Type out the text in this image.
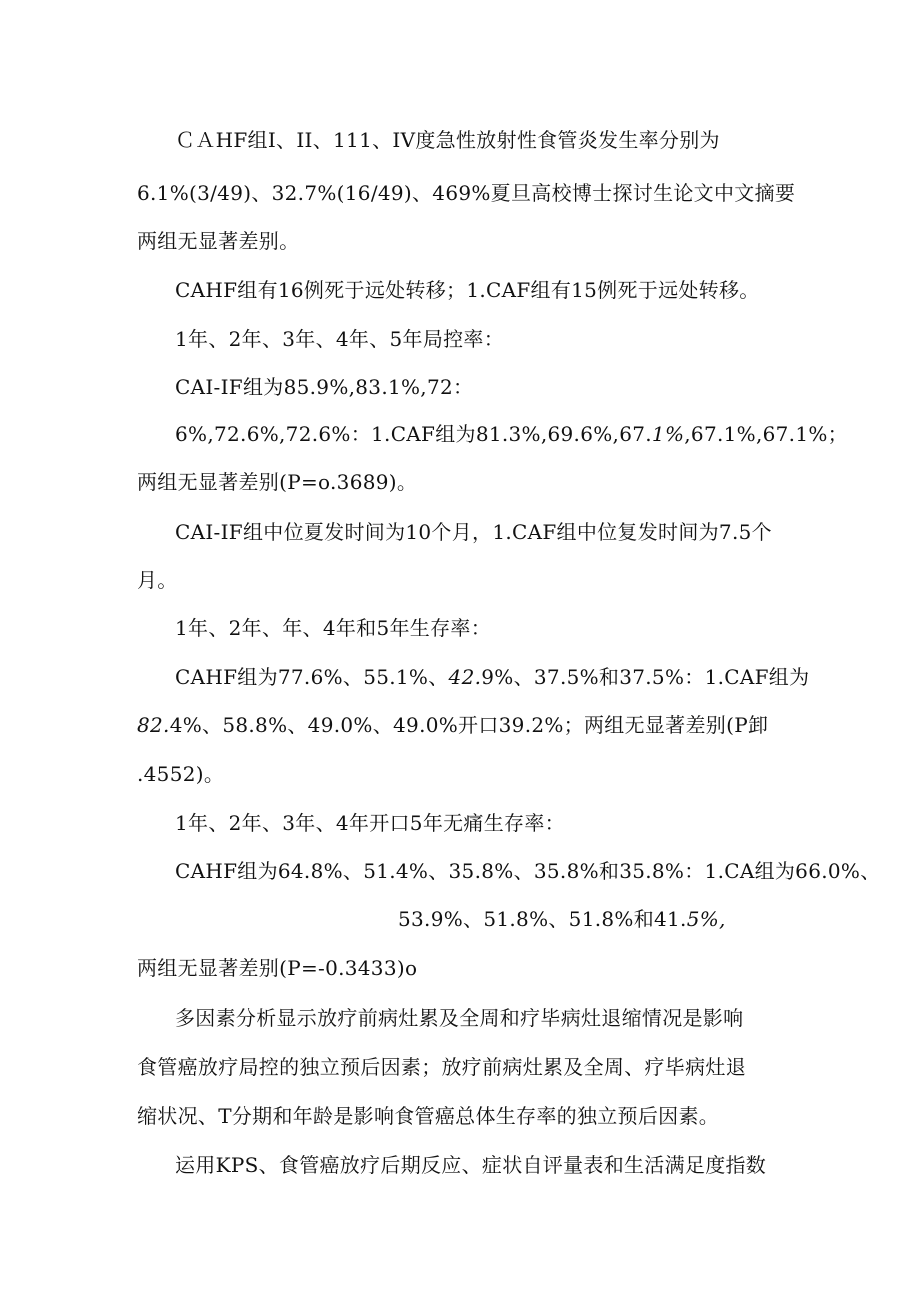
ＣＡHF组I、II、111、IV度急性放射性食管炎发生率分别为
6.1%(3/49)、32.7%(16/49)、469%夏旦高校博士探讨生论文中文摘要
两组无显著差别。
CAHF组有16例死于远处转移；1.CAF组有15例死于远处转移。
1年、2年、3年、4年、5年局控率：
CAI-IF组为85.9%,83.1%,72：
6%,72.6%,72.6%：1.CAF组为81.3%,69.6%,67.1%,67.1%,67.1%；
两组无显著差别(P=o.3689)。
CAI-IF组中位夏发时间为10个月，1.CAF组中位复发时间为7.5个
月。
1年、2年、年、4年和5年生存率：
CAHF组为77.6%、55.1%、42.9%、37.5%和37.5%：1.CAF组为
82.4%、58.8%、49.0%、49.0%开口39.2%；两组无显著差别(P卸
.4552)。
1年、2年、3年、4年开口5年无痛生存率：
CAHF组为64.8%、51.4%、35.8%、35.8%和35.8%：1.CA组为66.0%、
53.9%、51.8%、51.8%和41.5%,
两组无显著差别(P=-0.3433)o
多因素分析显示放疗前病灶累及全周和疗毕病灶退缩情况是影响
食管癌放疗局控的独立预后因素；放疗前病灶累及全周、疗毕病灶退
缩状况、T分期和年龄是影响食管癌总体生存率的独立预后因素。
运用KPS、食管癌放疗后期反应、症状自评量表和生活满足度指数
